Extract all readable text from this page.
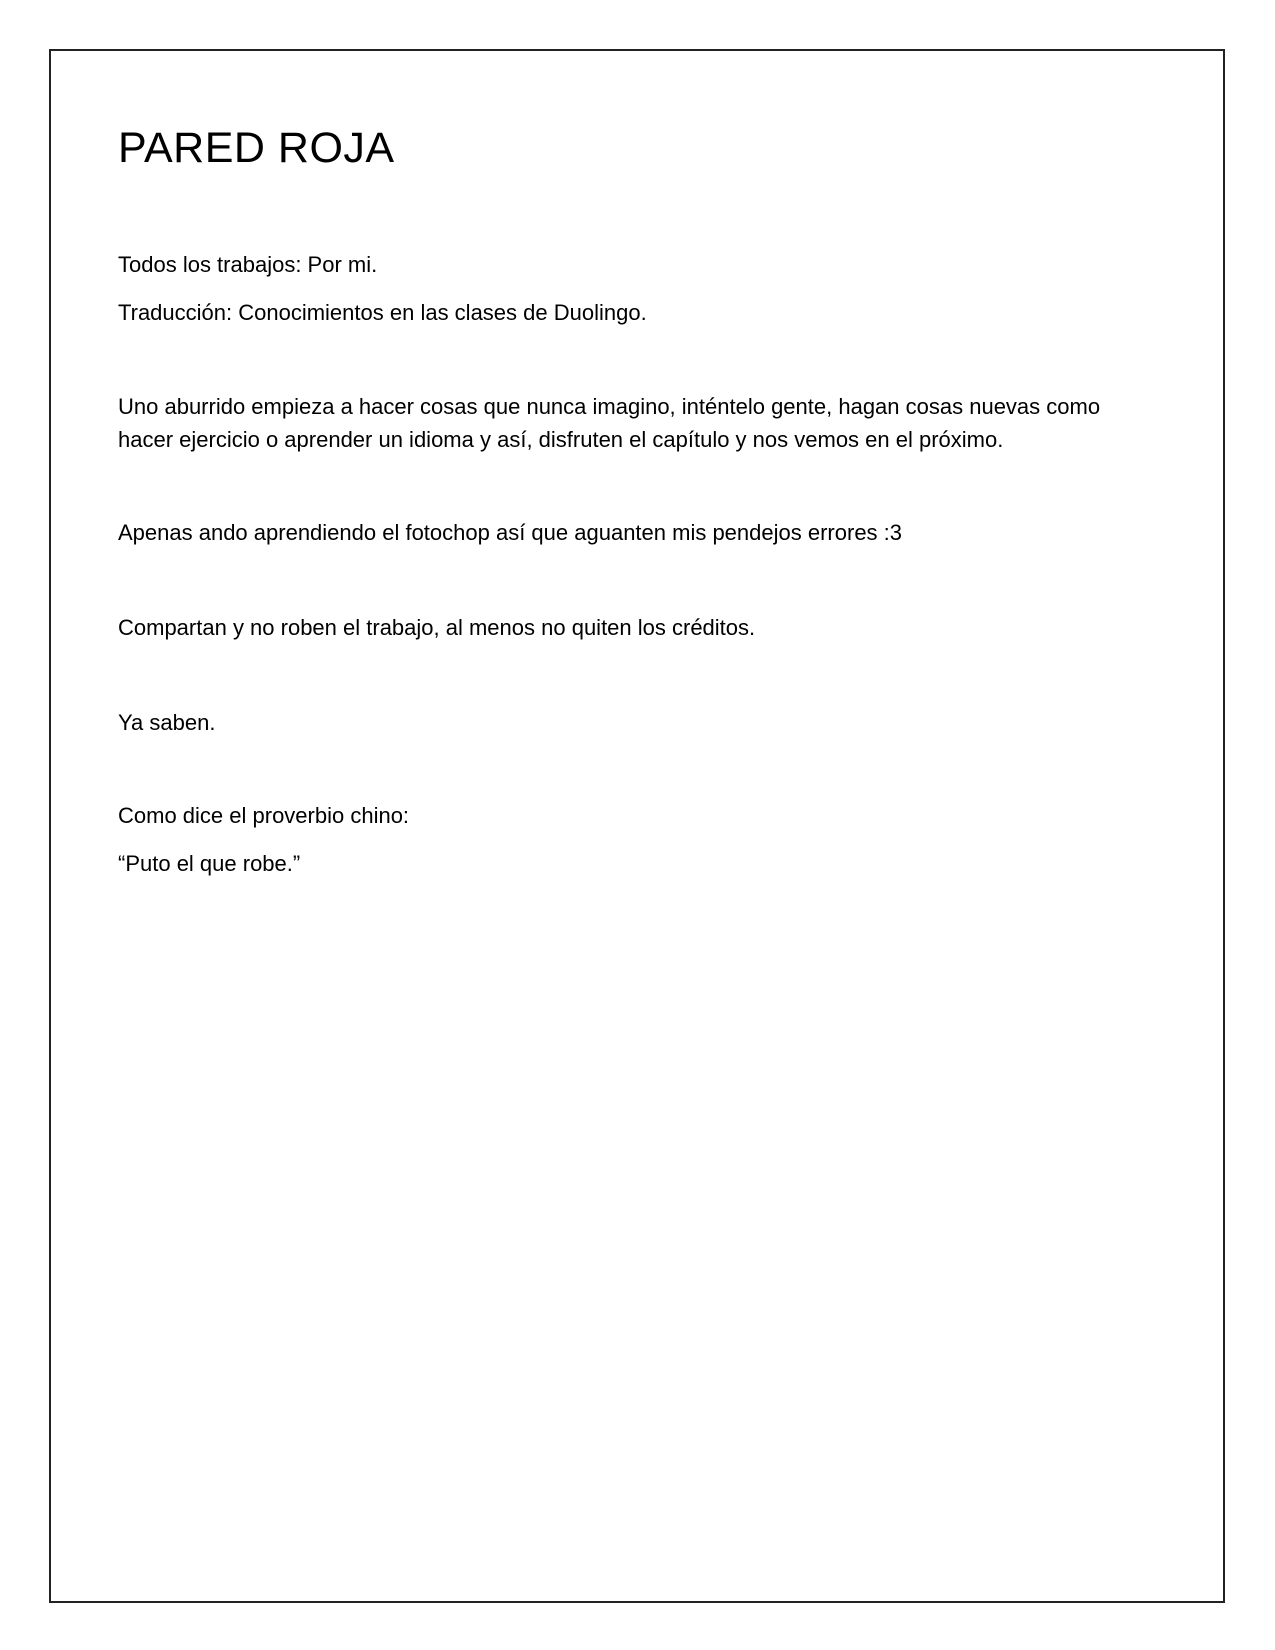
PARED ROJA

Todos los trabajos: Por mi.

Traducción: Conocimientos en las clases de Duolingo.

Uno aburrido empieza a hacer cosas que nunca imagino, inténtelo gente, hagan cosas nuevas como hacer ejercicio o aprender un idioma y así, disfruten el capítulo y nos vemos en el próximo.

Apenas ando aprendiendo el fotochop así que aguanten mis pendejos errores :3

Compartan y no roben el trabajo, al menos no quiten los créditos.

Ya saben.

Como dice el proverbio chino:

“Puto el que robe.”
